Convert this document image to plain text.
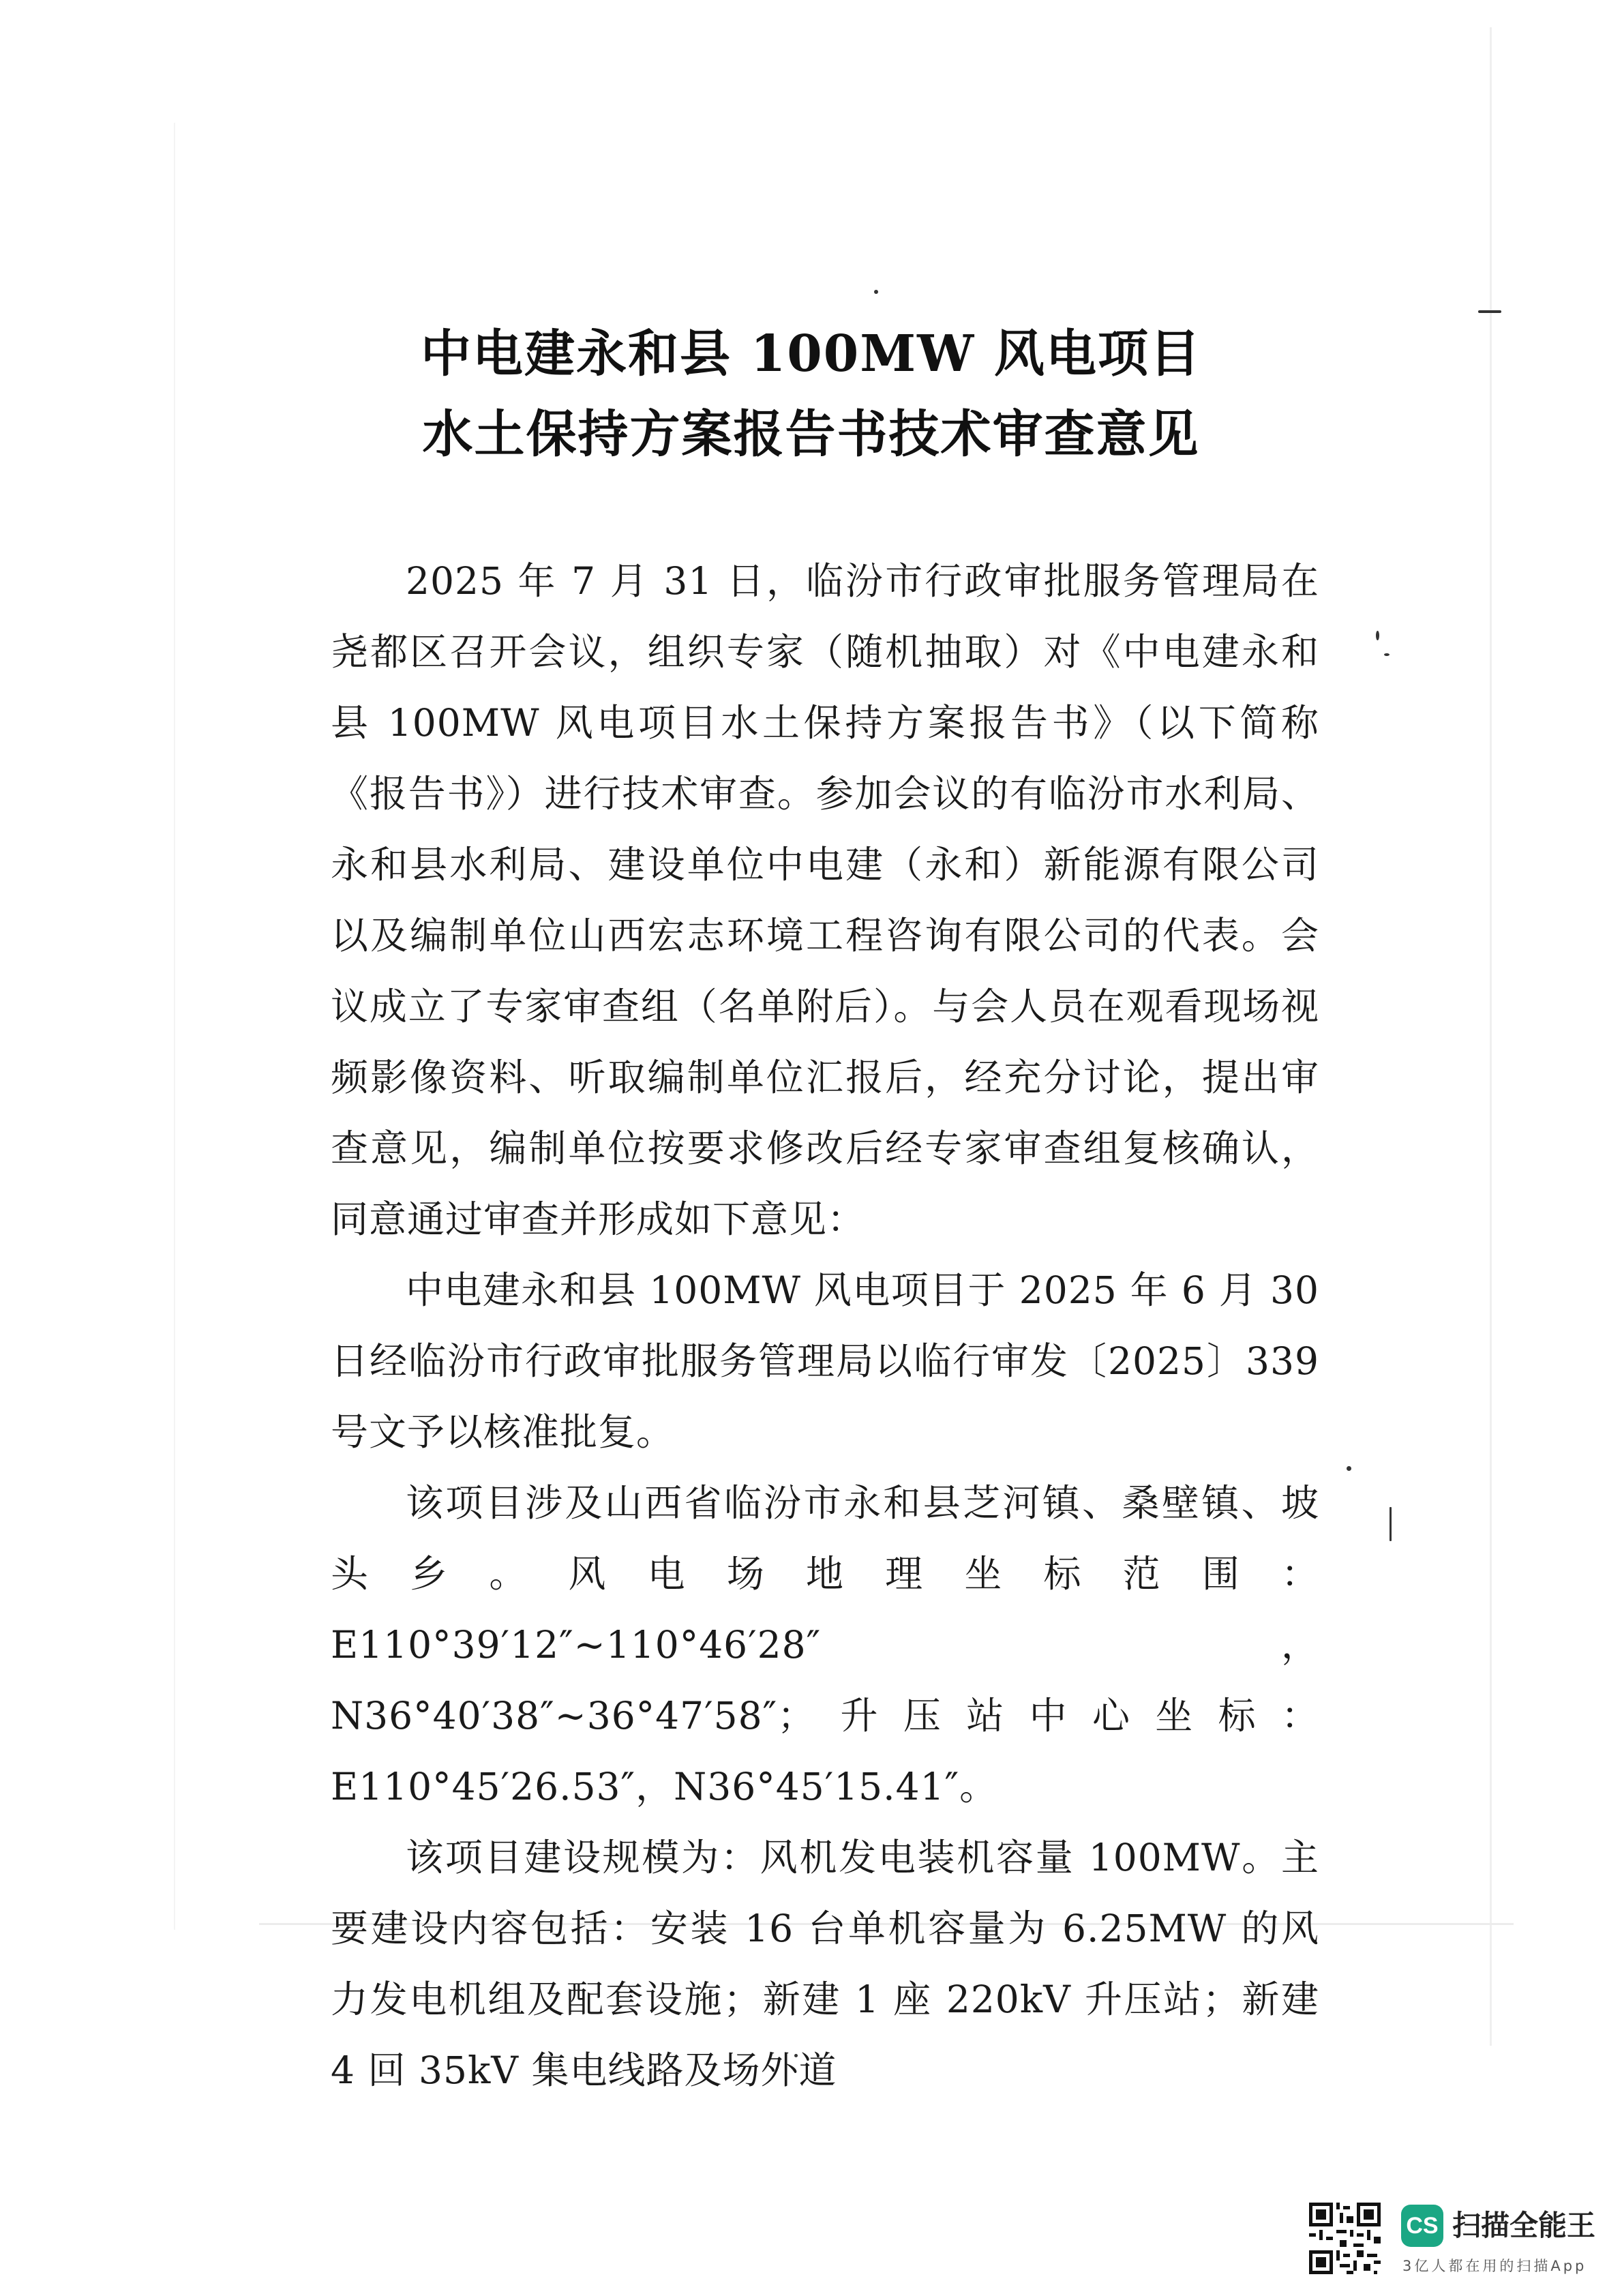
中电建永和县 100MW 风电项目
水土保持方案报告书技术审查意见

2025 年 7 月 31 日，临汾市行政审批服务管理局在尧都区召开会议，组织专家（随机抽取）对《中电建永和县 100MW 风电项目水土保持方案报告书》（以下简称《报告书》）进行技术审查。参加会议的有临汾市水利局、永和县水利局、建设单位中电建（永和）新能源有限公司以及编制单位山西宏志环境工程咨询有限公司的代表。会议成立了专家审查组（名单附后）。与会人员在观看现场视频影像资料、听取编制单位汇报后，经充分讨论，提出审查意见，编制单位按要求修改后经专家审查组复核确认，同意通过审查并形成如下意见：

中电建永和县 100MW 风电项目于 2025 年 6 月 30 日经临汾市行政审批服务管理局以临行审发〔2025〕339 号文予以核准批复。

该项目涉及山西省临汾市永和县芝河镇、桑壁镇、坡头乡。风电场地理坐标范围：E110°39′12″~110°46′28″，N36°40′38″~36°47′58″；升压站中心坐标：E110°45′26.53″，N36°45′15.41″。

该项目建设规模为：风机发电装机容量 100MW。主要建设内容包括：安装 16 台单机容量为 6.25MW 的风力发电机组及配套设施；新建 1 座 220kV 升压站；新建 4 回 35kV 集电线路及场外道

CS 扫描全能王
3亿人都在用的扫描App
